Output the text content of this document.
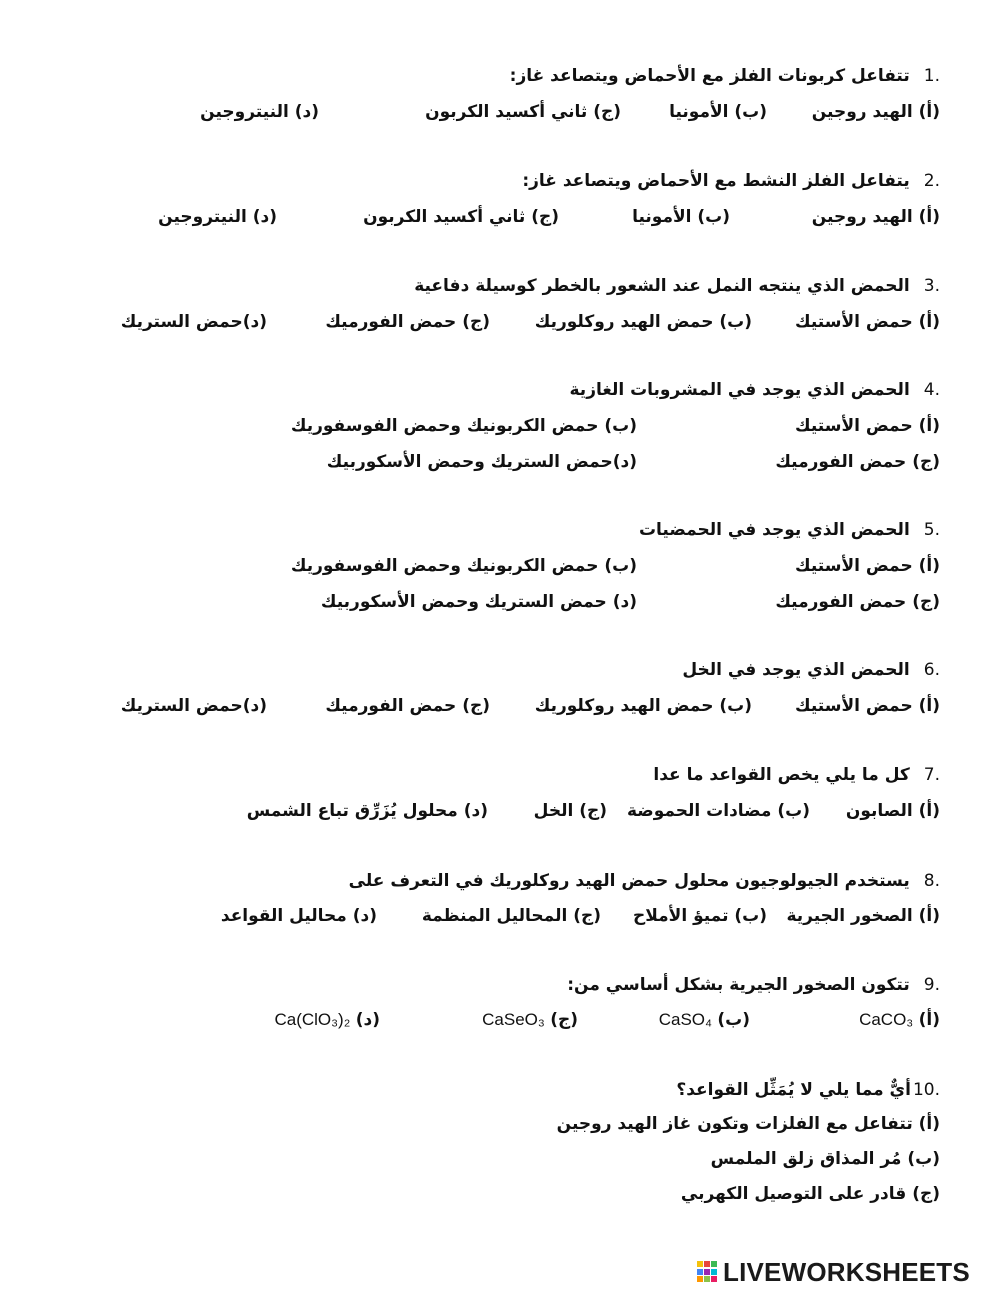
1.تتفاعل كربونات الفلز مع الأحماض ويتصاعد غاز:
(أ) الهيد روجين
(ب) الأمونيا
(ج) ثاني أكسيد الكربون
(د) النيتروجين
2.يتفاعل الفلز النشط مع الأحماض ويتصاعد غاز:
(أ) الهيد روجين
(ب) الأمونيا
(ج) ثاني أكسيد الكربون
(د) النيتروجين
3.الحمض الذي ينتجه النمل عند الشعور بالخطر كوسيلة دفاعية
(أ) حمض الأستيك
(ب) حمض الهيد روكلوريك
(ج) حمض الفورميك
(د)حمض الستريك
4.الحمض الذي يوجد في المشروبات الغازية
(أ) حمض الأستيك
(ب) حمض الكربونيك وحمض الفوسفوريك
(ج) حمض الفورميك
(د)حمض الستريك وحمض الأسكوربيك
5.الحمض الذي يوجد في الحمضيات
(أ) حمض الأستيك
(ب) حمض الكربونيك وحمض الفوسفوريك
(ج) حمض الفورميك
(د) حمض الستريك وحمض الأسكوربيك
6.الحمض الذي يوجد في الخل
(أ) حمض الأستيك
(ب) حمض الهيد روكلوريك
(ج) حمض الفورميك
(د)حمض الستريك
7.كل ما يلي يخص القواعد ما عدا
(أ) الصابون
(ب) مضادات الحموضة
(ج) الخل
(د) محلول يُزَرِّق تباع الشمس
8.يستخدم الجيولوجيون محلول حمض الهيد روكلوريك في التعرف على
(أ) الصخور الجيرية
(ب) تميؤ الأملاح
(ج) المحاليل المنظمة
(د) محاليل القواعد
9.تتكون الصخور الجيرية بشكل أساسي من:
(أ) CaCO₃
(ب) CaSO₄
(ج) CaSeO₃
(د) Ca(ClO₃)₂
10.أيٌّ مما يلي لا يُمَثِّل القواعد؟
(أ) تتفاعل مع الفلزات وتكون غاز الهيد روجين
(ب) مُر المذاق زلق الملمس
(ج) قادر على التوصيل الكهربي
LIVEWORKSHEETS
